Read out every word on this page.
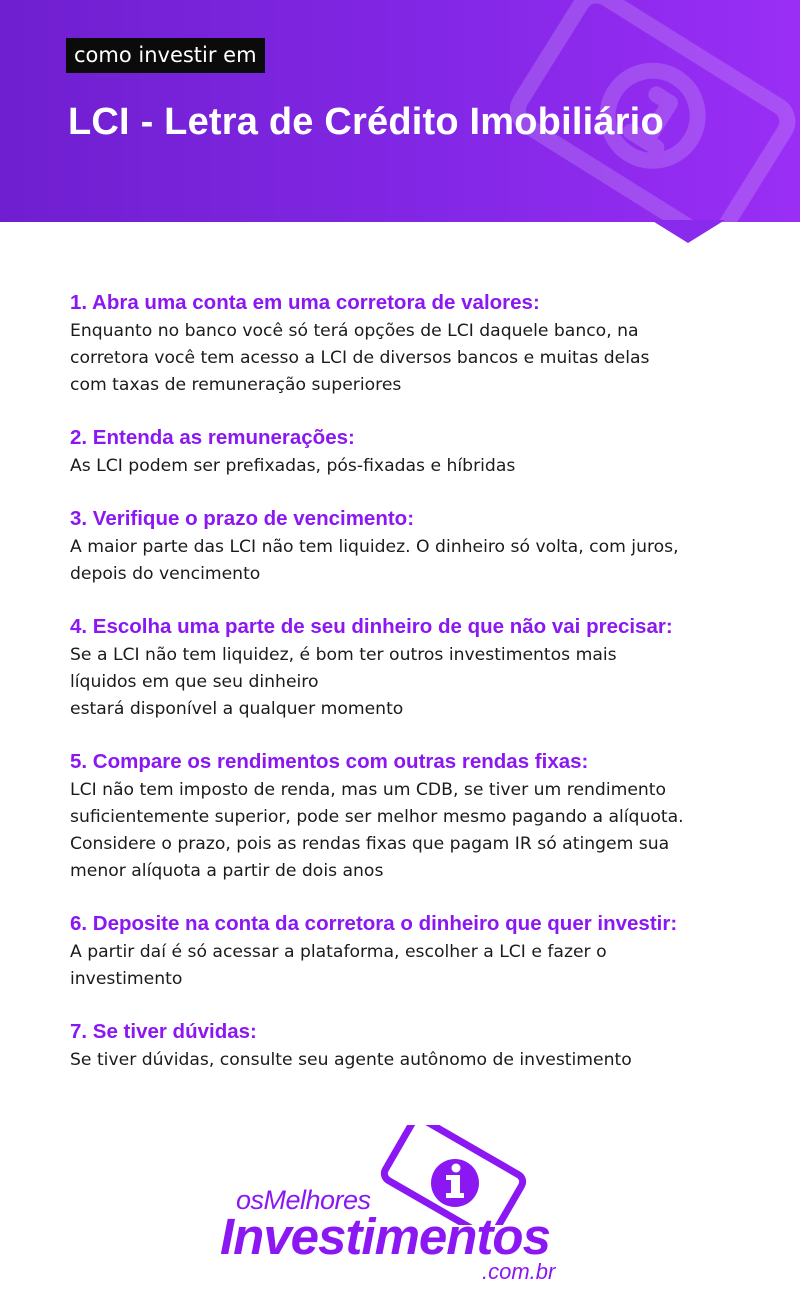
como investir em
LCI - Letra de Crédito Imobiliário
1. Abra uma conta em uma corretora de valores:
Enquanto no banco você só terá opções de LCI daquele banco, na
corretora você tem acesso a LCI de diversos bancos e muitas delas
com taxas de remuneração superiores
2. Entenda as remunerações:
As LCI podem ser prefixadas, pós-fixadas e híbridas
3. Verifique o prazo de vencimento:
A maior parte das LCI não tem liquidez. O dinheiro só volta, com juros,
depois do vencimento
4. Escolha uma parte de seu dinheiro de que não vai precisar:
Se a LCI não tem liquidez, é bom ter outros investimentos mais
líquidos em que seu dinheiro
estará disponível a qualquer momento
5. Compare os rendimentos com outras rendas fixas:
LCI não tem imposto de renda, mas um CDB, se tiver um rendimento
suficientemente superior, pode ser melhor mesmo pagando a alíquota.
Considere o prazo, pois as rendas fixas que pagam IR só atingem sua
menor alíquota a partir de dois anos
6. Deposite na conta da corretora o dinheiro que quer investir:
A partir daí é só acessar a plataforma, escolher a LCI e fazer o
investimento
7. Se tiver dúvidas:
Se tiver dúvidas, consulte seu agente autônomo de investimento
osMelhores
Investimentos
.com.br
